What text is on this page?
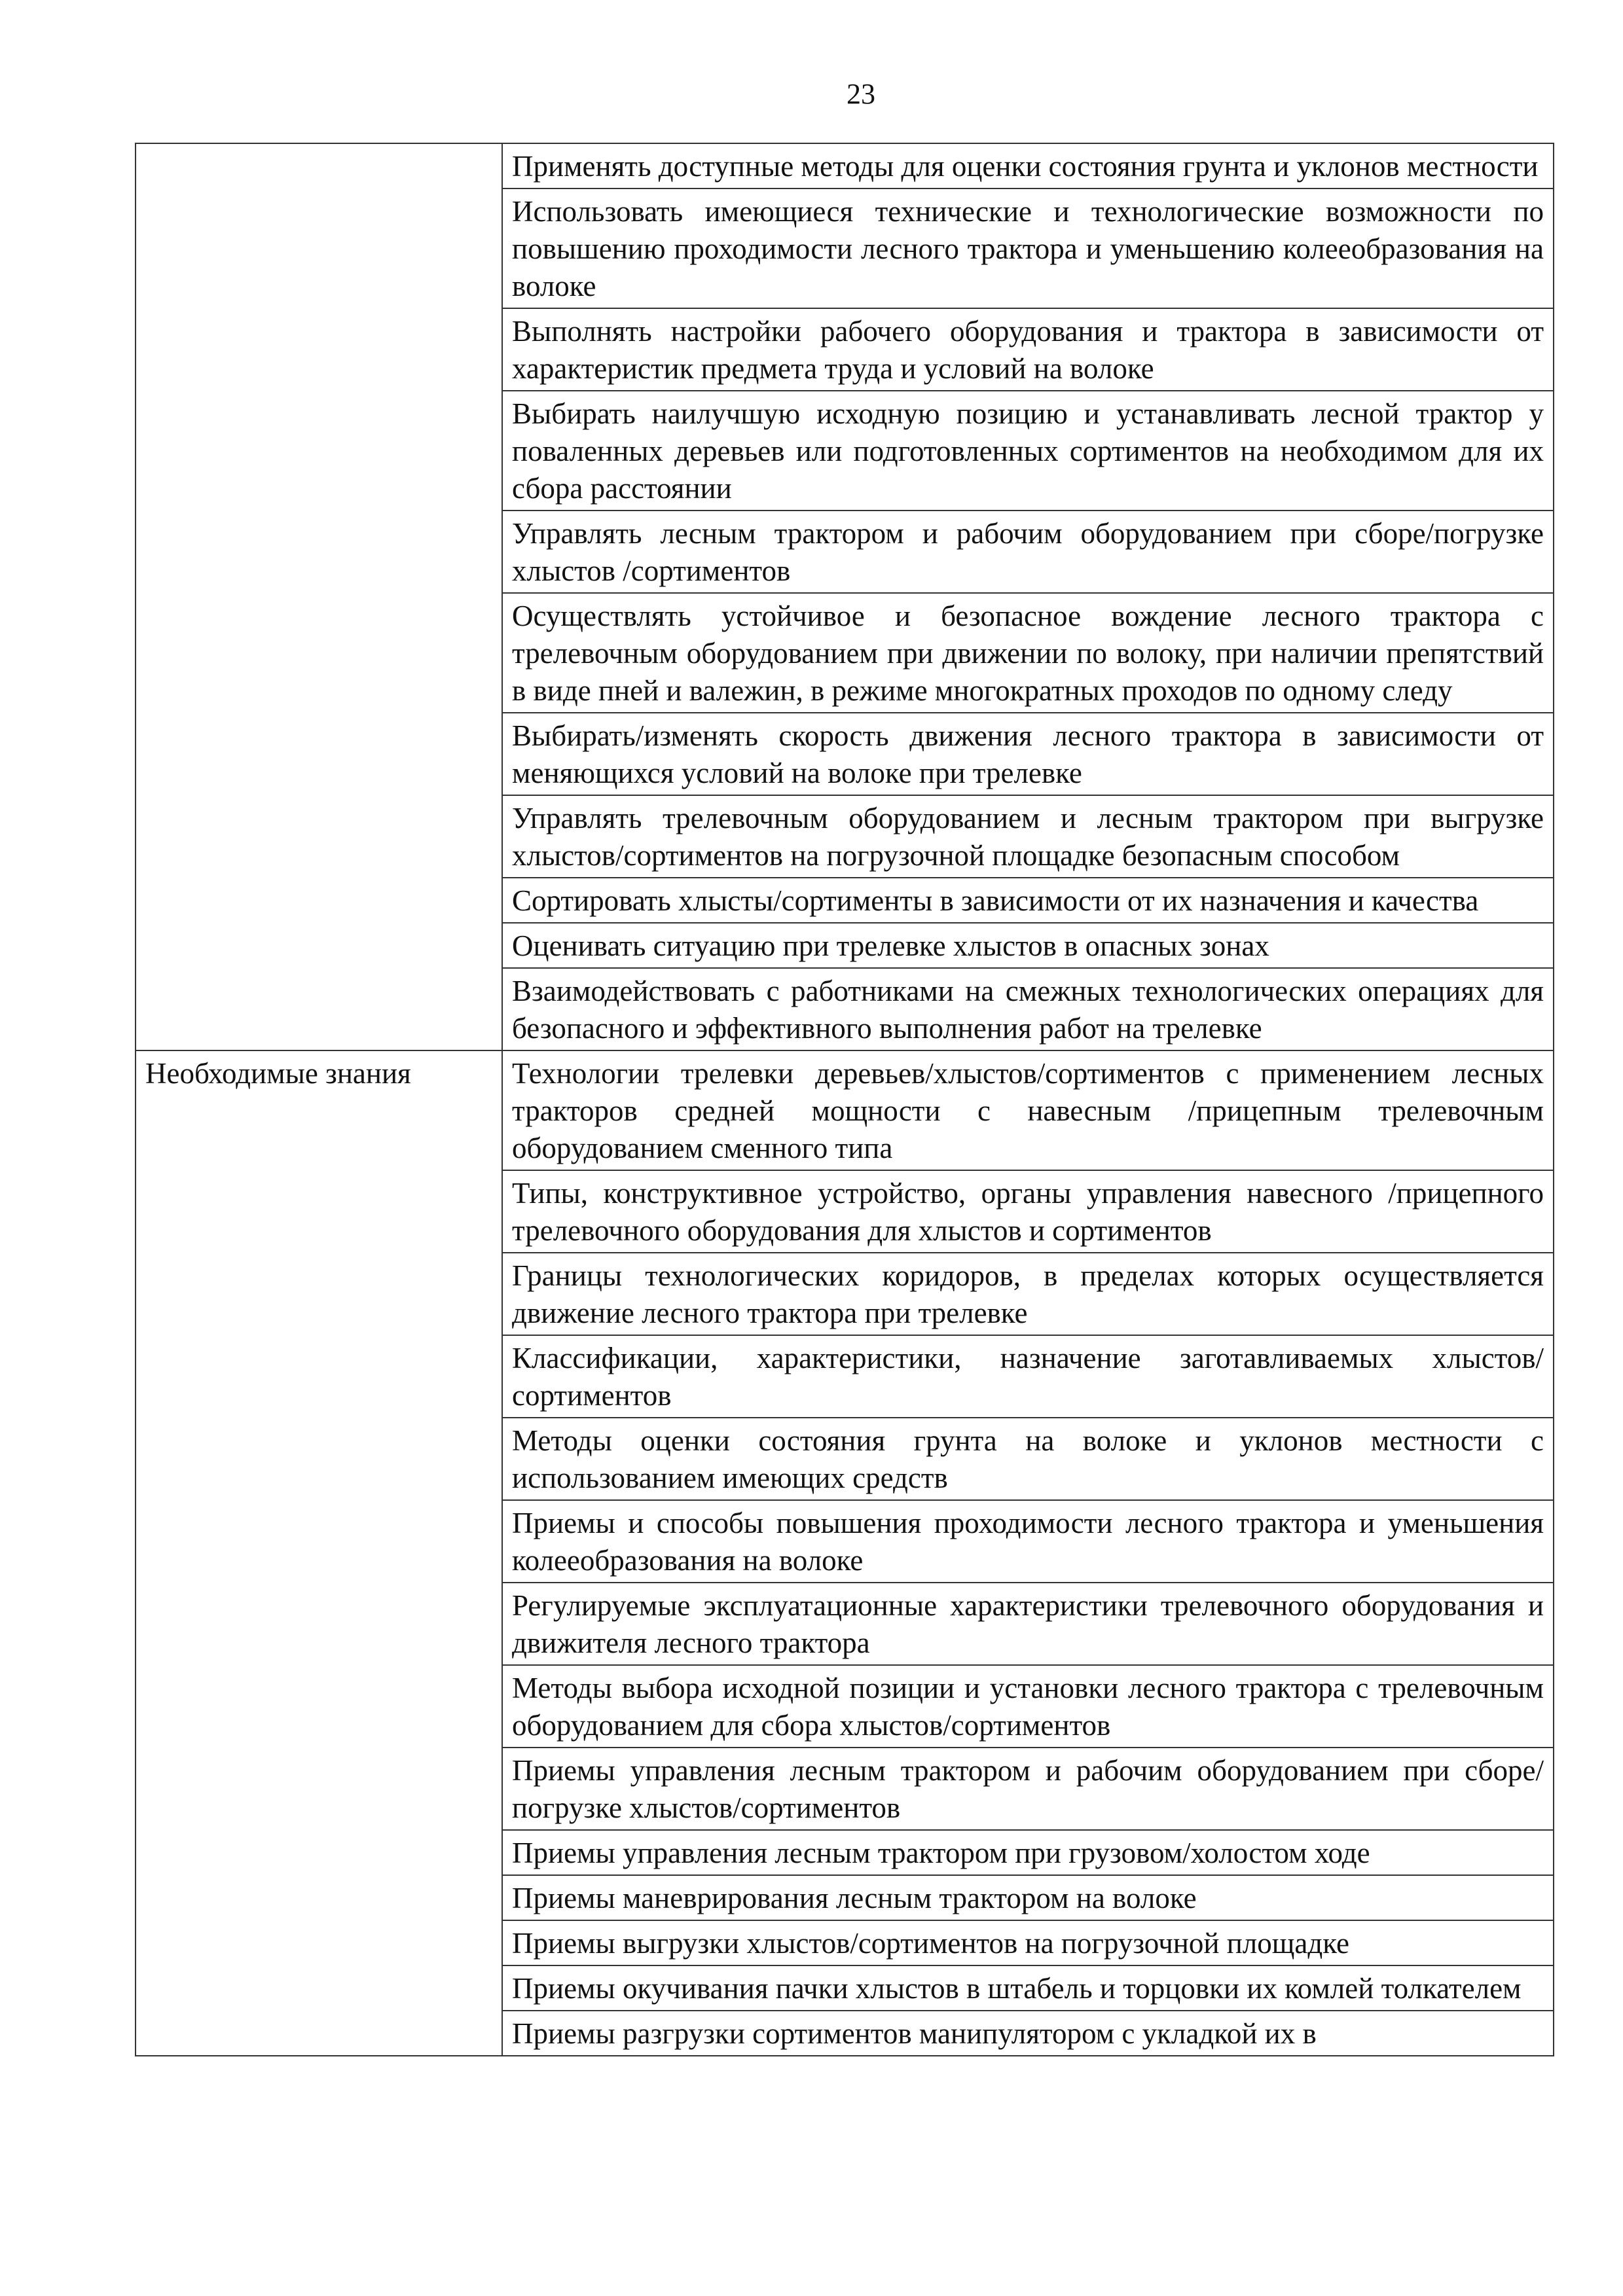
23

	Применять доступные методы для оценки состояния грунта и уклонов местности

	Использовать имеющиеся технические и технологические возможности по повышению проходимости лесного трактора и уменьшению колееобразования на волоке

	Выполнять настройки рабочего оборудования и трактора в зависимости от характеристик предмета труда и условий на волоке

	Выбирать наилучшую исходную позицию и устанавливать лесной трактор у поваленных деревьев или подготовленных сортиментов на необходимом для их сбора расстоянии

	Управлять лесным трактором и рабочим оборудованием при сборе/погрузке хлыстов /сортиментов

	Осуществлять устойчивое и безопасное вождение лесного трактора с трелевочным оборудованием при движении по волоку, при наличии препятствий в виде пней и валежин, в режиме многократных проходов по одному следу

	Выбирать/изменять скорость движения лесного трактора в зависимости от меняющихся условий на волоке при трелевке

	Управлять трелевочным оборудованием и лесным трактором при выгрузке хлыстов/сортиментов на погрузочной площадке безопасным способом

	Сортировать хлысты/сортименты в зависимости от их назначения и качества

	Оценивать ситуацию при трелевке хлыстов в опасных зонах

	Взаимодействовать с работниками на смежных технологических операциях для безопасного и эффективного выполнения работ на трелевке

Необходимые знания	Технологии трелевки деревьев/хлыстов/сортиментов с применением лесных тракторов средней мощности с навесным /прицепным трелевочным оборудованием сменного типа

	Типы, конструктивное устройство, органы управления навесного /прицепного трелевочного оборудования для хлыстов и сортиментов

	Границы технологических коридоров, в пределах которых осуществляется движение лесного трактора при трелевке

	Классификации, характеристики, назначение заготавливаемых хлыстов/сортиментов

	Методы оценки состояния грунта на волоке и уклонов местности с использованием имеющих средств

	Приемы и способы повышения проходимости лесного трактора и уменьшения колееобразования на волоке

	Регулируемые эксплуатационные характеристики трелевочного оборудования и движителя лесного трактора

	Методы выбора исходной позиции и установки лесного трактора с трелевочным оборудованием для сбора хлыстов/сортиментов

	Приемы управления лесным трактором и рабочим оборудованием при сборе/погрузке хлыстов/сортиментов

	Приемы управления лесным трактором при грузовом/холостом ходе

	Приемы маневрирования лесным трактором на волоке

	Приемы выгрузки хлыстов/сортиментов на погрузочной площадке

	Приемы окучивания пачки хлыстов в штабель и торцовки их комлей толкателем

	Приемы разгрузки сортиментов манипулятором с укладкой их в
